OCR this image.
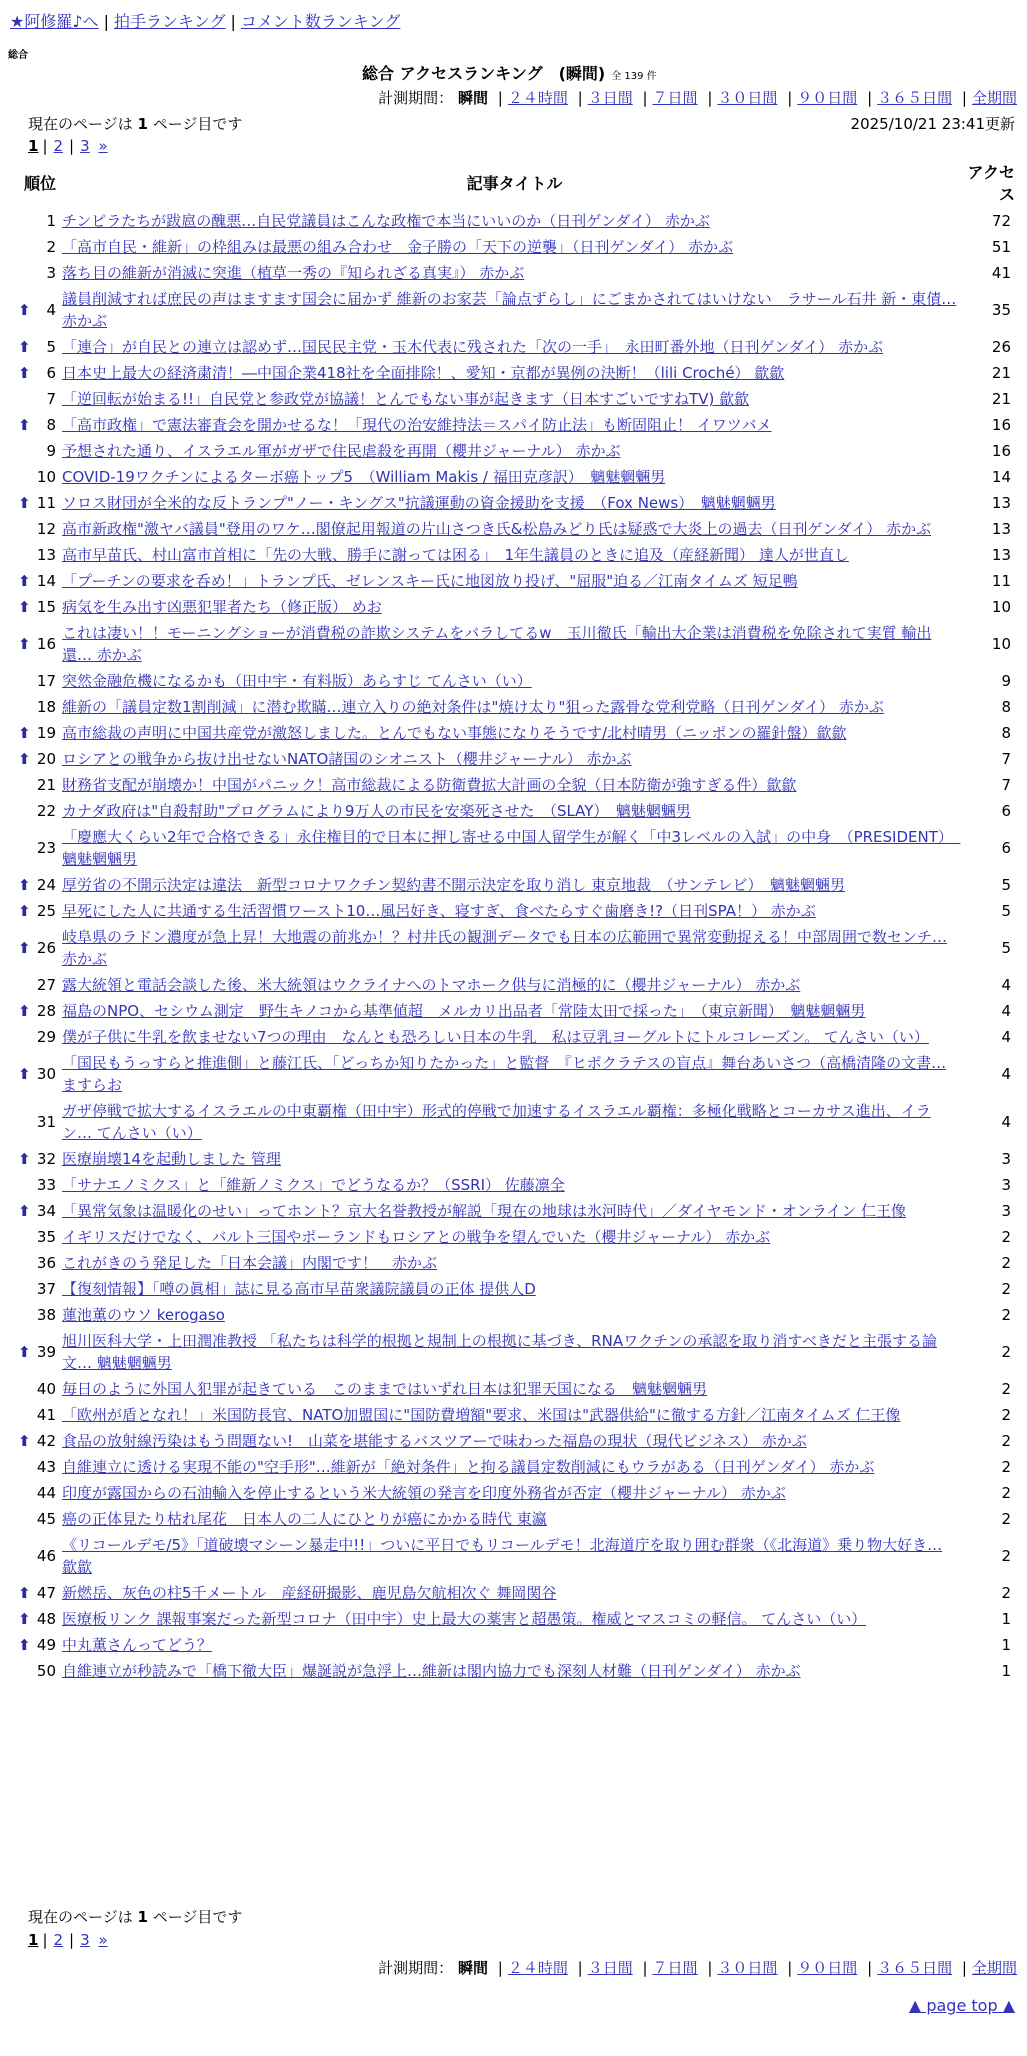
★阿修羅♪へ | 拍手ランキング | コメント数ランキング
総合
総合 アクセスランキング　(瞬間) 全 139 件
計測期間： 瞬間 | ２４時間 | ３日間 | ７日間 | ３０日間 | ９０日間 | ３６５日間 | 全期間
現在のページは 1 ページ目です	2025/10/21 23:41更新
1 | 2 | 3 »
順位		記事タイトル	アクセス
	1	チンピラたちが跋扈の醜悪…自民党議員はこんな政権で本当にいいのか（日刊ゲンダイ） 赤かぶ	72
	2	「高市自民・維新」の枠組みは最悪の組み合わせ　金子勝の「天下の逆襲」（日刊ゲンダイ） 赤かぶ	51
	3	落ち目の維新が消滅に突進（植草一秀の『知られざる真実』） 赤かぶ	41
⬆	4	議員削減すれば庶民の声はますます国会に届かず 維新のお家芸「論点ずらし」にごまかされてはいけない　ラサール石井 新・東債… 赤かぶ	35
⬆	5	「連合」が自民との連立は認めず…国民民主党・玉木代表に残された「次の一手」　永田町番外地（日刊ゲンダイ） 赤かぶ	26
⬆	6	日本史上最大の経済粛清！―中国企業418社を全面排除！、愛知・京都が異例の決断！（lili Croché） 歙歙	21
	7	「逆回転が始まる!!」自民党と参政党が協議！とんでもない事が起きます（日本すごいですねTV) 歙歙	21
⬆	8	「高市政権」で憲法審査会を開かせるな！「現代の治安維持法＝スパイ防止法」も断固阻止！ イワツバメ	16
	9	予想された通り、イスラエル軍がガザで住民虐殺を再開（櫻井ジャーナル） 赤かぶ	16
	10	COVID-19ワクチンによるターボ癌トップ5　（William Makis / 福田克彦訳）　魑魅魍魎男	14
⬆	11	ソロス財団が全米的な反トランプ"ノー・キングス"抗議運動の資金援助を支援　（Fox News）　魑魅魍魎男	13
	12	高市新政権"激ヤバ議員"登用のワケ…閣僚起用報道の片山さつき氏&松島みどり氏は疑惑で大炎上の過去（日刊ゲンダイ） 赤かぶ	13
	13	高市早苗氏、村山富市首相に「先の大戦、勝手に謝っては困る」　1年生議員のときに追及（産経新聞） 達人が世直し	13
⬆	14	「プーチンの要求を呑め！」トランプ氏、ゼレンスキー氏に地図放り投げ、"屈服"迫る／江南タイムズ 短足鴨	11
⬆	15	病気を生み出す凶悪犯罪者たち（修正版） めお	10
⬆	16	これは凄い！！モーニングショーが消費税の詐欺システムをバラしてるw　玉川徹氏「輸出大企業は消費税を免除されて実質 輸出還… 赤かぶ	10
	17	突然金融危機になるかも（田中宇・有料版）あらすじ てんさい（い）	9
	18	維新の「議員定数1割削減」に潜む欺瞞…連立入りの絶対条件は"焼け太り"狙った露骨な党利党略（日刊ゲンダイ） 赤かぶ	8
⬆	19	高市総裁の声明に中国共産党が激怒しました。とんでもない事態になりそうです/北村晴男（ニッポンの羅針盤）歙歙	8
⬆	20	ロシアとの戦争から抜け出せないNATO諸国のシオニスト（櫻井ジャーナル） 赤かぶ	7
	21	財務省支配が崩壊か！中国がパニック！高市総裁による防衛費拡大計画の全貌（日本防衛が強すぎる件）歙歙	7
	22	カナダ政府は"自殺幇助"プログラムにより9万人の市民を安楽死させた　（SLAY）　魑魅魍魎男	6
	23	「慶應大くらい2年で合格できる」永住権目的で日本に押し寄せる中国人留学生が解く「中3レベルの入試」の中身　（PRESIDENT）　魑魅魍魎男	6
⬆	24	厚労省の不開示決定は違法　新型コロナワクチン契約書不開示決定を取り消し 東京地裁　（サンテレビ）　魑魅魍魎男	5
⬆	25	早死にした人に共通する生活習慣ワースト10…風呂好き、寝すぎ、食べたらすぐ歯磨き!?（日刊SPA！） 赤かぶ	5
⬆	26	岐阜県のラドン濃度が急上昇！大地震の前兆か！？村井氏の観測データでも日本の広範囲で異常変動捉える！中部周囲で数センチ… 赤かぶ	5
	27	露大統領と電話会談した後、米大統領はウクライナへのトマホーク供与に消極的に（櫻井ジャーナル） 赤かぶ	4
⬆	28	福島のNPO、セシウム測定　野生キノコから基準値超　メルカリ出品者「常陸太田で採った」　（東京新聞）　魑魅魍魎男	4
	29	僕が子供に牛乳を飲ませない7つの理由　なんとも恐ろしい日本の牛乳　私は豆乳ヨーグルトにトルコレーズン。 てんさい（い）	4
⬆	30	「国民もうっすらと推進側」と藤江氏、「どっちか知りたかった」と監督　『ヒポクラテスの盲点』舞台あいさつ（高橋清隆の文書… ますらお	4
	31	ガザ停戦で拡大するイスラエルの中東覇権（田中宇）形式的停戦で加速するイスラエル覇権：多極化戦略とコーカサス進出、イラン… てんさい（い）	4
⬆	32	医療崩壊14を起動しました 管理	3
	33	「サナエノミクス」と「維新ノミクス」でどうなるか？（SSRI） 佐藤凛全	3
⬆	34	「異常気象は温暖化のせい」ってホント？京大名誉教授が解説「現在の地球は氷河時代」／ダイヤモンド・オンライン 仁王像	3
	35	イギリスだけでなく、バルト三国やポーランドもロシアとの戦争を望んでいた（櫻井ジャーナル） 赤かぶ	2
	36	これがきのう発足した「日本会議」内閣です！　赤かぶ	2
	37	【復刻情報】「噂の眞相」誌に見る高市早苗衆議院議員の正体 提供人D	2
	38	蓮池薫のウソ kerogaso	2
⬆	39	旭川医科大学・上田潤准教授 「私たちは科学的根拠と規制上の根拠に基づき、RNAワクチンの承認を取り消すべきだと主張する論文… 魑魅魍魎男	2
	40	毎日のように外国人犯罪が起きている　このままではいずれ日本は犯罪天国になる　魑魅魍魎男	2
	41	「欧州が盾となれ！」米国防長官、NATO加盟国に"国防費増額"要求、米国は"武器供給"に徹する方針／江南タイムズ 仁王像	2
⬆	42	食品の放射線汚染はもう問題ない!　山菜を堪能するバスツアーで味わった福島の現状（現代ビジネス） 赤かぶ	2
	43	自維連立に透ける実現不能の"空手形"…維新が「絶対条件」と拘る議員定数削減にもウラがある（日刊ゲンダイ） 赤かぶ	2
	44	印度が露国からの石油輸入を停止するという米大統領の発言を印度外務省が否定（櫻井ジャーナル） 赤かぶ	2
	45	癌の正体見たり枯れ尾花　日本人の二人にひとりが癌にかかる時代 東瀛	2
	46	《リコールデモ/5》「道破壊マシーン暴走中!!」ついに平日でもリコールデモ！北海道庁を取り囲む群衆（《北海道》乗り物大好き… 歙歙	2
⬆	47	新燃岳、灰色の柱5千メートル　産経研撮影、鹿児島欠航相次ぐ 舞岡関谷	2
⬆	48	医療板リンク 課報事案だった新型コロナ（田中宇）史上最大の薬害と超愚策。権威とマスコミの軽信。 てんさい（い）	1
⬆	49	中丸薫さんってどう？	1
	50	自維連立が秒読みで「橋下徹大臣」爆誕説が急浮上…維新は閣内協力でも深刻人材難（日刊ゲンダイ） 赤かぶ	1
現在のページは 1 ページ目です
1 | 2 | 3 »
計測期間： 瞬間 | ２４時間 | ３日間 | ７日間 | ３０日間 | ９０日間 | ３６５日間 | 全期間
▲ page top ▲
